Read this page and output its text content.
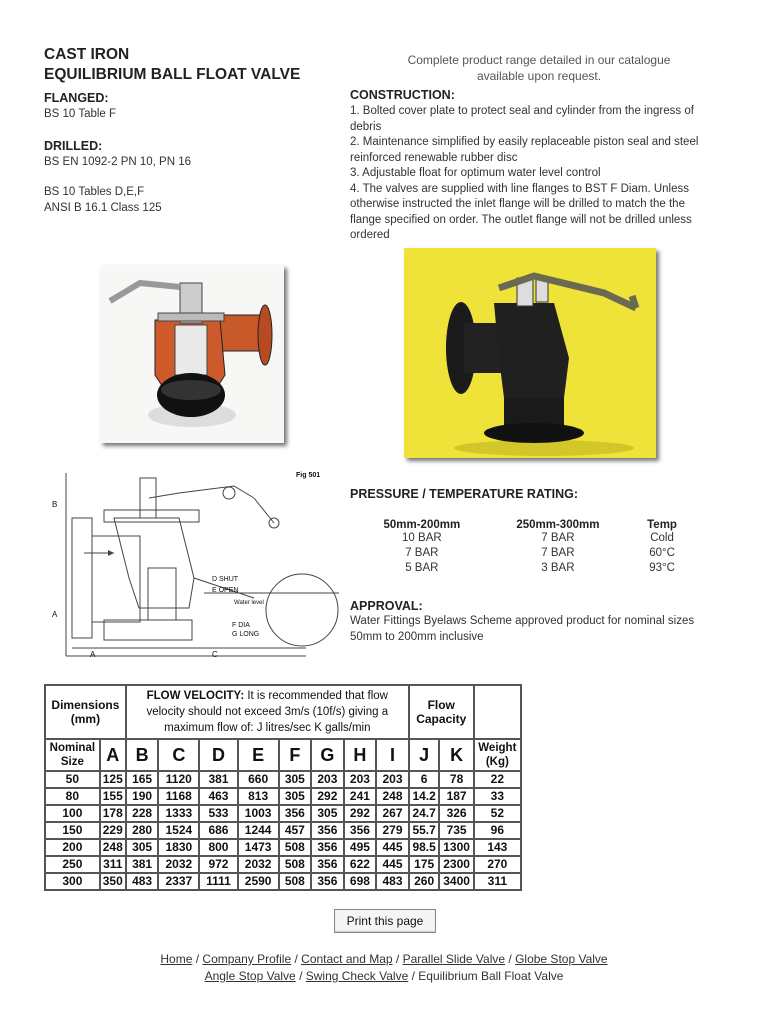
CAST IRON
EQUILIBRIUM BALL FLOAT VALVE
FLANGED:
BS 10 Table F
DRILLED:
BS EN 1092-2 PN 10, PN 16
BS 10 Tables D,E,F
ANSI B 16.1 Class 125
Complete product range detailed in our catalogue available upon request.
CONSTRUCTION:
1. Bolted cover plate to protect seal and cylinder from the ingress of debris
2. Maintenance simplified by easily replaceable piston seal and steel reinforced renewable rubber disc
3. Adjustable float for optimum water level control
4. The valves are supplied with line flanges to BST F Diam. Unless otherwise instructed the inlet flange will be drilled to match the the flange specified on order. The outlet flange will not be drilled unless ordered
Fig 501
B
A
A	C
D SHUT
E OPEN
Water level
F DIA
G LONG
PRESSURE / TEMPERATURE RATING:
50mm-200mm	250mm-300mm	Temp
10 BAR	7 BAR	Cold
7 BAR	7 BAR	60°C
5 BAR	3 BAR	93°C
APPROVAL:
Water Fittings Byelaws Scheme approved product for nominal sizes 50mm to 200mm inclusive
Dimensions (mm)		FLOW VELOCITY: It is recommended that flow velocity should not exceed 3m/s (10f/s) giving a maximum flow of: J litres/sec K galls/min								Flow Capacity		
Nominal Size	A	B	C	D	E	F	G	H	I	J	K	Weight (Kg)
50	125	165	1120	381	660	305	203	203	203	6	78	22
80	155	190	1168	463	813	305	292	241	248	14.2	187	33
100	178	228	1333	533	1003	356	305	292	267	24.7	326	52
150	229	280	1524	686	1244	457	356	356	279	55.7	735	96
200	248	305	1830	800	1473	508	356	495	445	98.5	1300	143
250	311	381	2032	972	2032	508	356	622	445	175	2300	270
300	350	483	2337	1111	2590	508	356	698	483	260	3400	311
Print this page
Home / Company Profile / Contact and Map / Parallel Slide Valve / Globe Stop Valve
Angle Stop Valve / Swing Check Valve / Equilibrium Ball Float Valve
